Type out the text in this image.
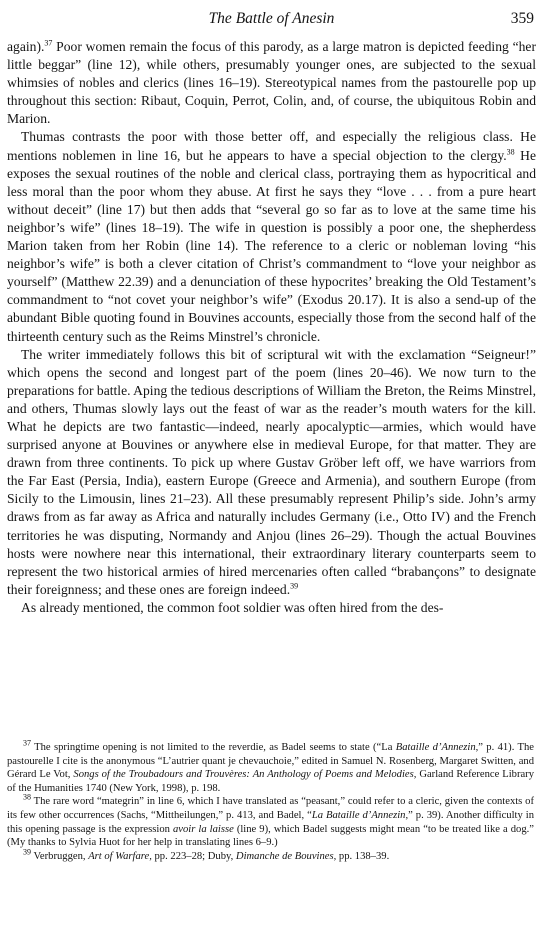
The Battle of Anesin	359

again).$^{37}$ Poor women remain the focus of this parody, as a large matron is depicted feeding “her little beggar” (line 12), while others, presumably younger ones, are subjected to the sexual whimsies of nobles and clerics (lines 16–19). Stereotypical names from the pastourelle pop up throughout this section: Ribaut, Coquin, Perrot, Colin, and, of course, the ubiquitous Robin and Marion.

Thumas contrasts the poor with those better off, and especially the religious class. He mentions noblemen in line 16, but he appears to have a special objection to the clergy.$^{38}$ He exposes the sexual routines of the noble and clerical class, portraying them as hypocritical and less moral than the poor whom they abuse. At first he says they “love . . . from a pure heart without deceit” (line 17) but then adds that “several go so far as to love at the same time his neighbor’s wife” (lines 18–19). The wife in question is possibly a poor one, the shepherdess Marion taken from her Robin (line 14). The reference to a cleric or nobleman loving “his neighbor’s wife” is both a clever citation of Christ’s commandment to “love your neighbor as yourself” (Matthew 22.39) and a denunciation of these hypocrites’ breaking the Old Testament’s commandment to “not covet your neighbor’s wife” (Exodus 20.17). It is also a send-up of the abundant Bible quoting found in Bouvines accounts, especially those from the second half of the thirteenth century such as the Reims Minstrel’s chronicle.

The writer immediately follows this bit of scriptural wit with the exclamation “Seigneur!” which opens the second and longest part of the poem (lines 20–46). We now turn to the preparations for battle. Aping the tedious descriptions of William the Breton, the Reims Minstrel, and others, Thumas slowly lays out the feast of war as the reader’s mouth waters for the kill. What he depicts are two fantastic—indeed, nearly apocalyptic—armies, which would have surprised anyone at Bouvines or anywhere else in medieval Europe, for that matter. They are drawn from three continents. To pick up where Gustav Gröber left off, we have warriors from the Far East (Persia, India), eastern Europe (Greece and Armenia), and southern Europe (from Sicily to the Limousin, lines 21–23). All these presumably represent Philip’s side. John’s army draws from as far away as Africa and naturally includes Germany (i.e., Otto IV) and the French territories he was disputing, Normandy and Anjou (lines 26–29). Though the actual Bouvines hosts were nowhere near this international, their extraordinary literary counterparts seem to represent the two historical armies of hired mercenaries often called “brabançons” to designate their foreignness; and these ones are foreign indeed.$^{39}$

As already mentioned, the common foot soldier was often hired from the des-

$^{37}$ The springtime opening is not limited to the reverdie, as Badel seems to state (“La Bataille d’Annezin,” p. 41). The pastourelle I cite is the anonymous “L’autrier quant je chevauchoie,” edited in Samuel N. Rosenberg, Margaret Switten, and Gérard Le Vot, Songs of the Troubadours and Trouvères: An Anthology of Poems and Melodies, Garland Reference Library of the Humanities 1740 (New York, 1998), p. 198.

$^{38}$ The rare word “mategrin” in line 6, which I have translated as “peasant,” could refer to a cleric, given the contexts of its few other occurrences (Sachs, “Mittheilungen,” p. 413, and Badel, “La Bataille d’Annezin,” p. 39). Another difficulty in this opening passage is the expression avoir la laisse (line 9), which Badel suggests might mean “to be treated like a dog.” (My thanks to Sylvia Huot for her help in translating lines 6–9.)

$^{39}$ Verbruggen, Art of Warfare, pp. 223–28; Duby, Dimanche de Bouvines, pp. 138–39.
